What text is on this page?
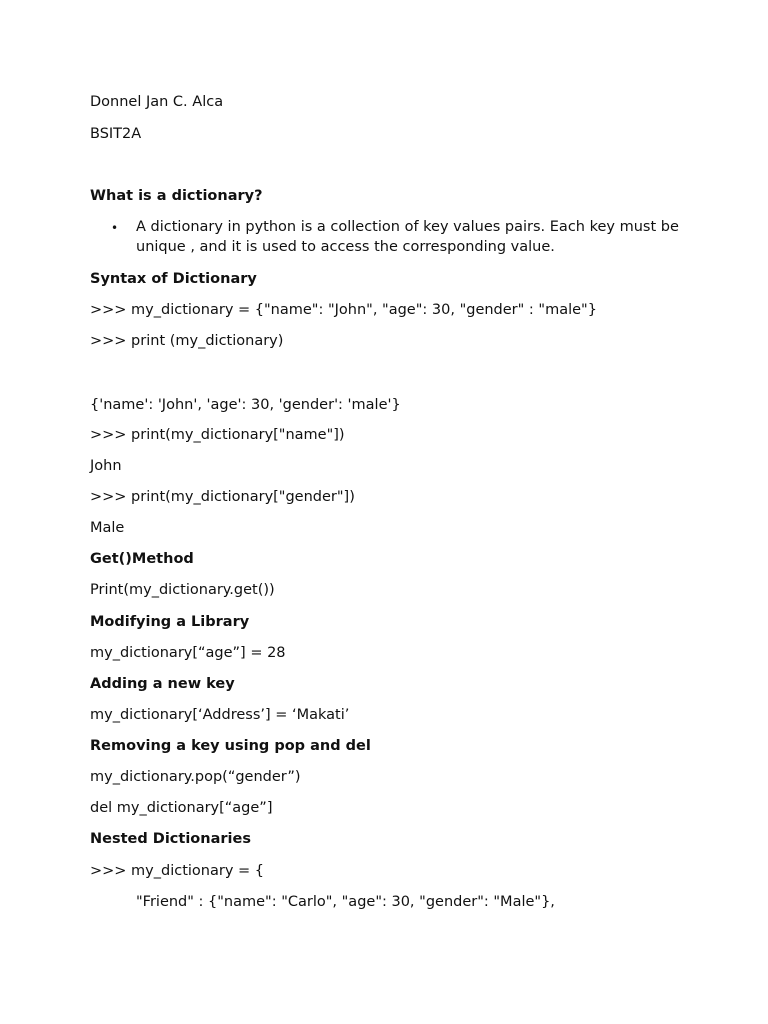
Donnel Jan C. Alca
BSIT2A
What is a dictionary?
• A dictionary in python is a collection of key values pairs. Each key must be unique , and it is used to access the corresponding value.
Syntax of Dictionary
>>> my_dictionary = {"name": "John", "age": 30, "gender" : "male"}
>>> print (my_dictionary)
{'name': 'John', 'age': 30, 'gender': 'male'}
>>> print(my_dictionary["name"])
John
>>> print(my_dictionary["gender"])
Male
Get()Method
Print(my_dictionary.get())
Modifying a Library
my_dictionary[“age”] = 28
Adding a new key
my_dictionary[‘Address’] = ‘Makati’
Removing a key using pop and del
my_dictionary.pop(“gender”)
del my_dictionary[“age”]
Nested Dictionaries
>>> my_dictionary = {
"Friend" : {"name": "Carlo", "age": 30, "gender": "Male"},
